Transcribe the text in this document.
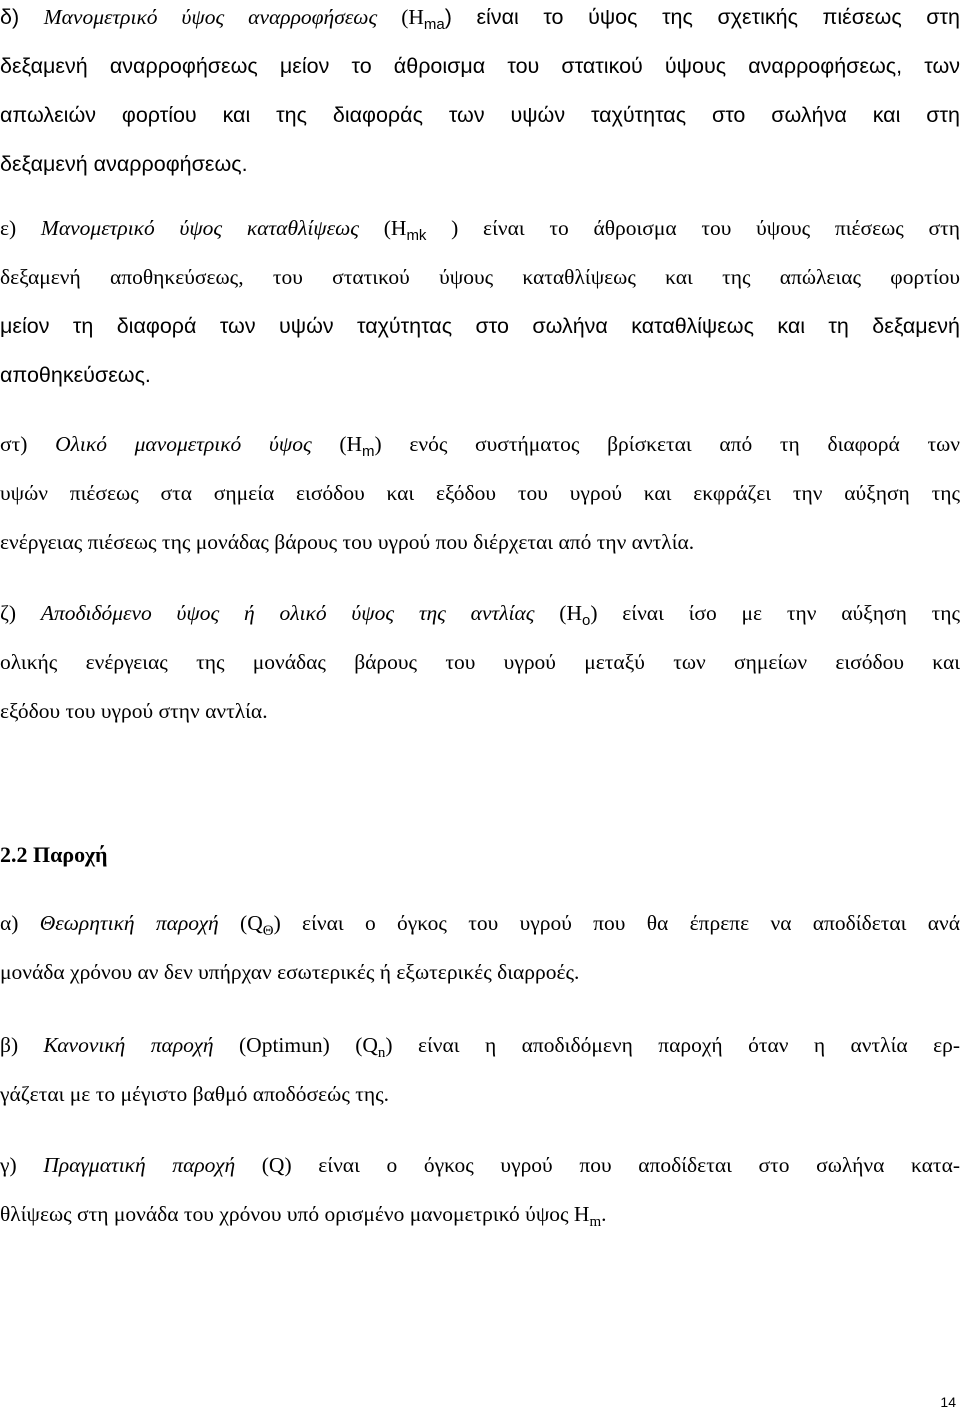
δ) Μανομετρικό ύψος αναρροφήσεως $(H_{ma})$ είναι το ύψος της σχετικής πιέσεως στη
δεξαμενή αναρροφήσεως μείον το άθροισμα του στατικού ύψους αναρροφήσεως, των
απωλειών φορτίου και της διαφοράς των υψών ταχύτητας στο σωλήνα και στη
δεξαμενή αναρροφήσεως.
ε) Μανομετρικό ύψος καταθλίψεως ($H_{mk}$ ) είναι το άθροισμα του ύψους πιέσεως στη
δεξαμενή αποθηκεύσεως, του στατικού ύψους καταθλίψεως και της απώλειας φορτίου
μείον τη διαφορά των υψών ταχύτητας στο σωλήνα καταθλίψεως και τη δεξαμενή
αποθηκεύσεως.
στ) Ολικό μανομετρικό ύψος $(H_m)$ ενός συστήματος βρίσκεται από τη διαφορά των
υψών πιέσεως στα σημεία εισόδου και εξόδου του υγρού και εκφράζει την αύξηση της
ενέργειας πιέσεως της μονάδας βάρους του υγρού που διέρχεται από την αντλία.
ζ) Αποδιδόμενο ύψος ή ολικό ύψος της αντλίας $(H_o)$ είναι ίσο με την αύξηση της
ολικής ενέργειας της μονάδας βάρους του υγρού μεταξύ των σημείων εισόδου και
εξόδου του υγρού στην αντλία.
2.2 Παροχή
α) Θεωρητική παροχή $(Q_\Theta)$ είναι ο όγκος του υγρού που θα έπρεπε να αποδίδεται ανά
μονάδα χρόνου αν δεν υπήρχαν εσωτερικές ή εξωτερικές διαρροές.
β) Κανονική παροχή (Optimun) $(Q_n)$ είναι η αποδιδόμενη παροχή όταν η αντλία ερ-
γάζεται με το μέγιστο βαθμό αποδόσεώς της.
γ) Πραγματική παροχή (Q) είναι ο όγκος υγρού που αποδίδεται στο σωλήνα κατα-
θλίψεως στη μονάδα του χρόνου υπό ορισμένο μανομετρικό ύψος $H_m$.
14
